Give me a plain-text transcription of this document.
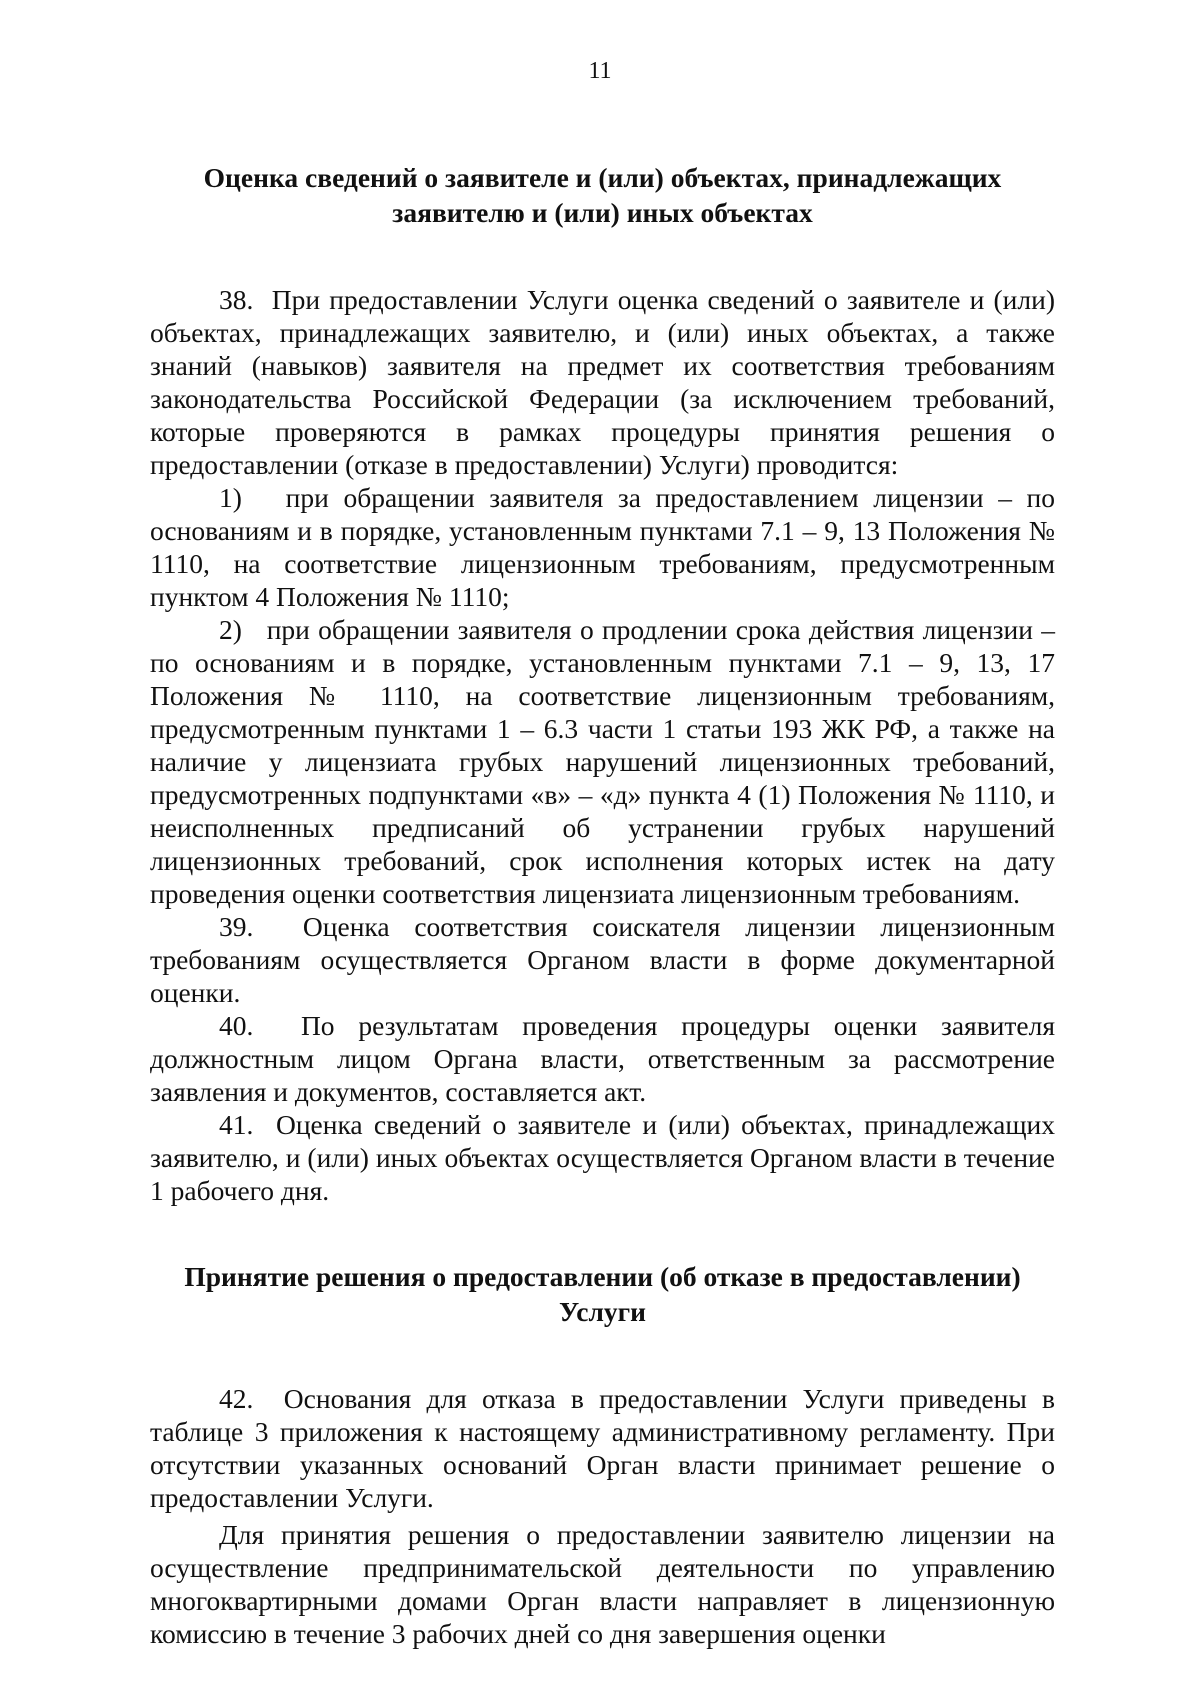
11
Оценка сведений о заявителе и (или) объектах, принадлежащих
заявителю и (или) иных объектах

38.  При предоставлении Услуги оценка сведений о заявителе и (или) объектах, принадлежащих заявителю, и (или) иных объектах, а также знаний (навыков) заявителя на предмет их соответствия требованиям законодательства Российской Федерации (за исключением требований, которые проверяются в рамках процедуры принятия решения о предоставлении (отказе в предоставлении) Услуги) проводится:

1)   при обращении заявителя за предоставлением лицензии – по основаниям и в порядке, установленным пунктами 7.1 – 9, 13 Положения № 1110, на соответствие лицензионным требованиям, предусмотренным пунктом 4 Положения № 1110;

2)   при обращении заявителя о продлении срока действия лицензии – по основаниям и в порядке, установленным пунктами 7.1 – 9, 13, 17 Положения № 1110, на соответствие лицензионным требованиям, предусмотренным пунктами 1 – 6.3 части 1 статьи 193 ЖК РФ, а также на наличие у лицензиата грубых нарушений лицензионных требований, предусмотренных подпунктами «в» – «д» пункта 4 (1) Положения № 1110, и неисполненных предписаний об устранении грубых нарушений лицензионных требований, срок исполнения которых истек на дату проведения оценки соответствия лицензиата лицензионным требованиям.

39.  Оценка соответствия соискателя лицензии лицензионным требованиям осуществляется Органом власти в форме документарной оценки.

40.  По результатам проведения процедуры оценки заявителя должностным лицом Органа власти, ответственным за рассмотрение заявления и документов, составляется акт.

41.  Оценка сведений о заявителе и (или) объектах, принадлежащих заявителю, и (или) иных объектах осуществляется Органом власти в течение 1 рабочего дня.

Принятие решения о предоставлении (об отказе в предоставлении)
Услуги

42.  Основания для отказа в предоставлении Услуги приведены в таблице 3 приложения к настоящему административному регламенту. При отсутствии указанных оснований Орган власти принимает решение о предоставлении Услуги.

Для принятия решения о предоставлении заявителю лицензии на осуществление предпринимательской деятельности по управлению многоквартирными домами Орган власти направляет в лицензионную комиссию в течение 3 рабочих дней со дня завершения оценки
